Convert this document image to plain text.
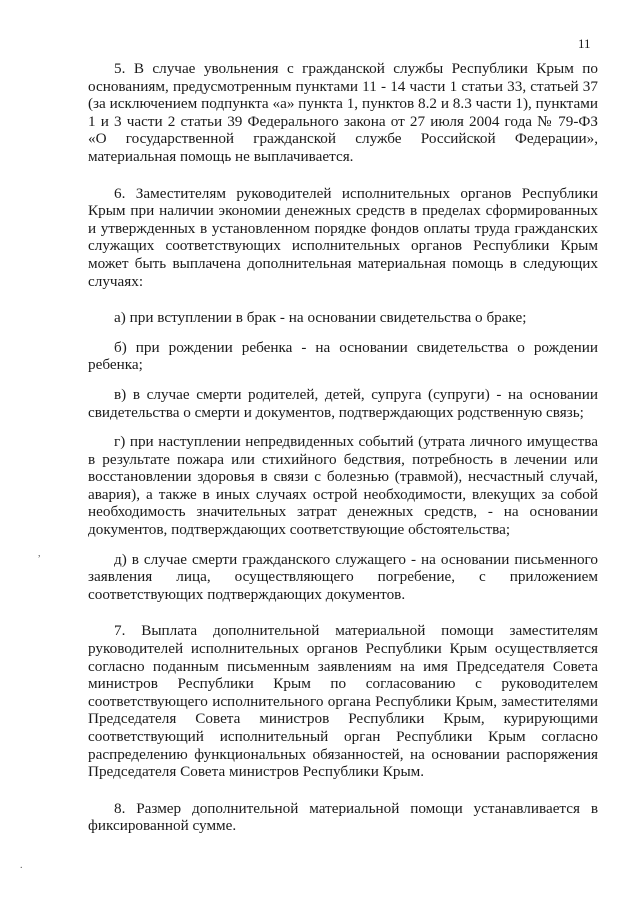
11
,
.

5. В случае увольнения с гражданской службы Республики Крым по основаниям, предусмотренным пунктами 11 - 14 части 1 статьи 33, статьей 37 (за исключением подпункта «а» пункта 1, пунктов 8.2 и 8.3 части 1), пунктами 1 и 3 части 2 статьи 39 Федерального закона от 27 июля 2004 года № 79-ФЗ «О государственной гражданской службе Российской Федерации», материальная помощь не выплачивается.

6. Заместителям руководителей исполнительных органов Республики Крым при наличии экономии денежных средств в пределах сформированных и утвержденных в установленном порядке фондов оплаты труда гражданских служащих соответствующих исполнительных органов Республики Крым может быть выплачена дополнительная материальная помощь в следующих случаях:

а) при вступлении в брак - на основании свидетельства о браке;

б) при рождении ребенка - на основании свидетельства о рождении ребенка;

в) в случае смерти родителей, детей, супруга (супруги) - на основании свидетельства о смерти и документов, подтверждающих родственную связь;

г) при наступлении непредвиденных событий (утрата личного имущества в результате пожара или стихийного бедствия, потребность в лечении или восстановлении здоровья в связи с болезнью (травмой), несчастный случай, авария), а также в иных случаях острой необходимости, влекущих за собой необходимость значительных затрат денежных средств, - на основании документов, подтверждающих соответствующие обстоятельства;

д) в случае смерти гражданского служащего - на основании письменного заявления лица, осуществляющего погребение, с приложением соответствующих подтверждающих документов.

7. Выплата дополнительной материальной помощи заместителям руководителей исполнительных органов Республики Крым осуществляется согласно поданным письменным заявлениям на имя Председателя Совета министров Республики Крым по согласованию с руководителем соответствующего исполнительного органа Республики Крым, заместителями Председателя Совета министров Республики Крым, курирующими соответствующий исполнительный орган Республики Крым согласно распределению функциональных обязанностей, на основании распоряжения Председателя Совета министров Республики Крым.

8. Размер дополнительной материальной помощи устанавливается в фиксированной сумме.
